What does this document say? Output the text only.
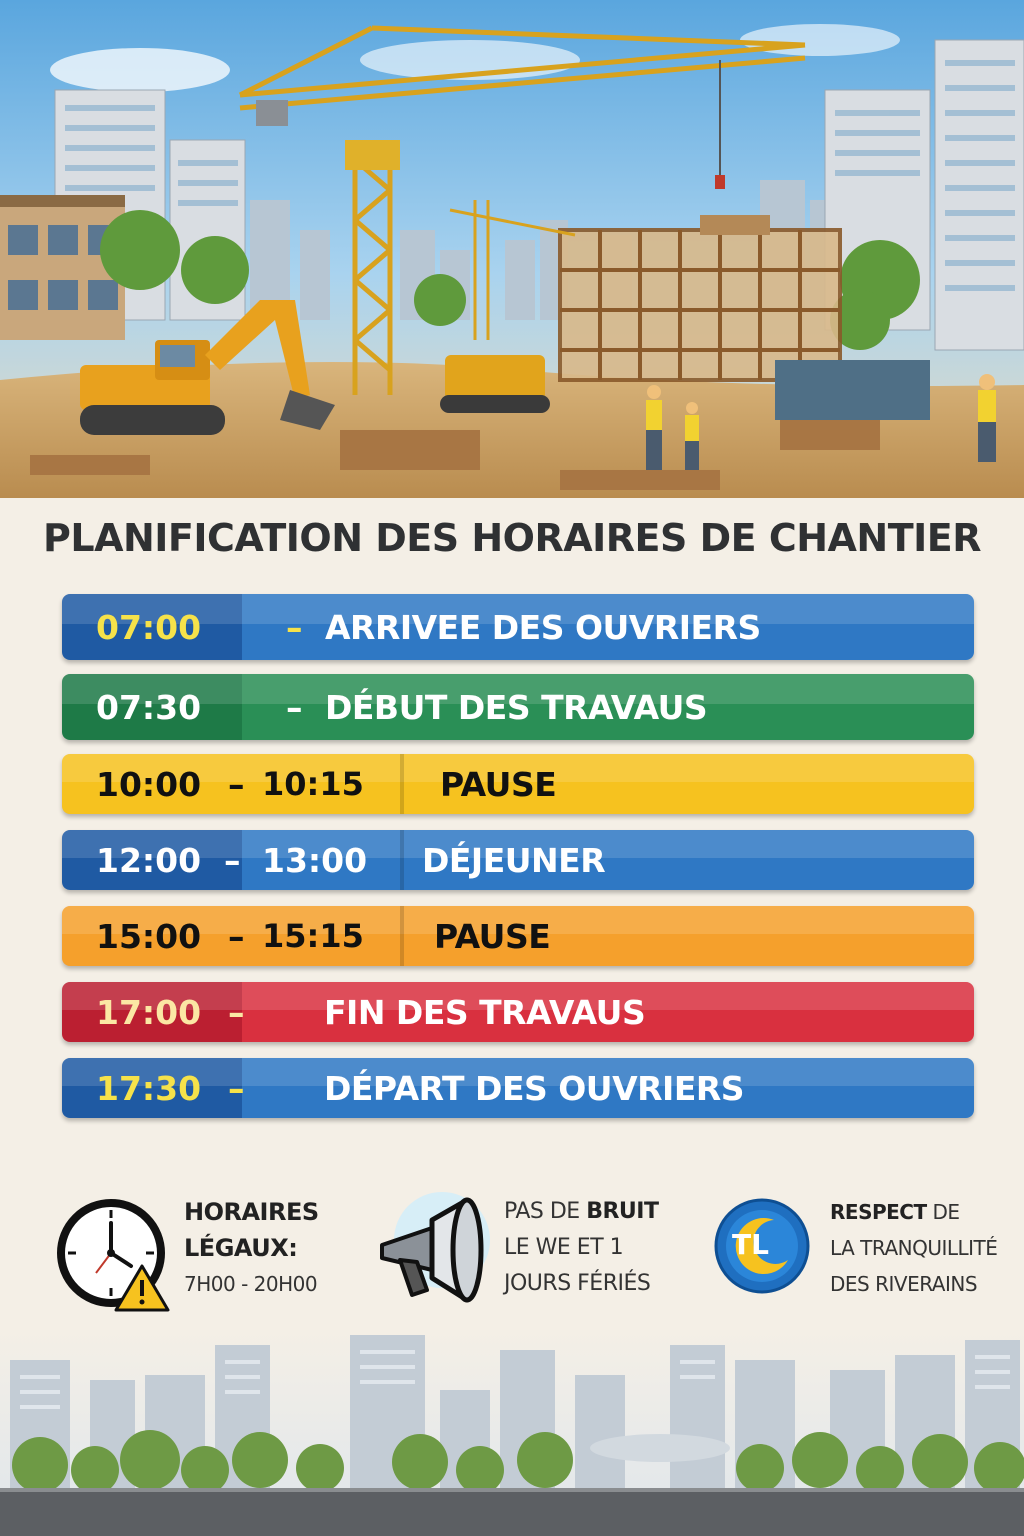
PLANIFICATION DES HORAIRES DE CHANTIER
07:00	– ARRIVEE DES OUVRIERS
07:30	– DÉBUT DES TRAVAUS
10:00 – 10:15 PAUSE
12:00 – 13:00 DÉJEUNER
15:00 – 15:15 PAUSE
17:00 – FIN DES TRAVAUS
17:30 – DÉPART DES OUVRIERS
HORAIRES
LÉGAUX:
7H00 - 20H00
PAS DE BRUIT
LE WE ET 1
JOURS FÉRIÉS
TL
RESPECT DE
LA TRANQUILLITÉ
DES RIVERAINS
